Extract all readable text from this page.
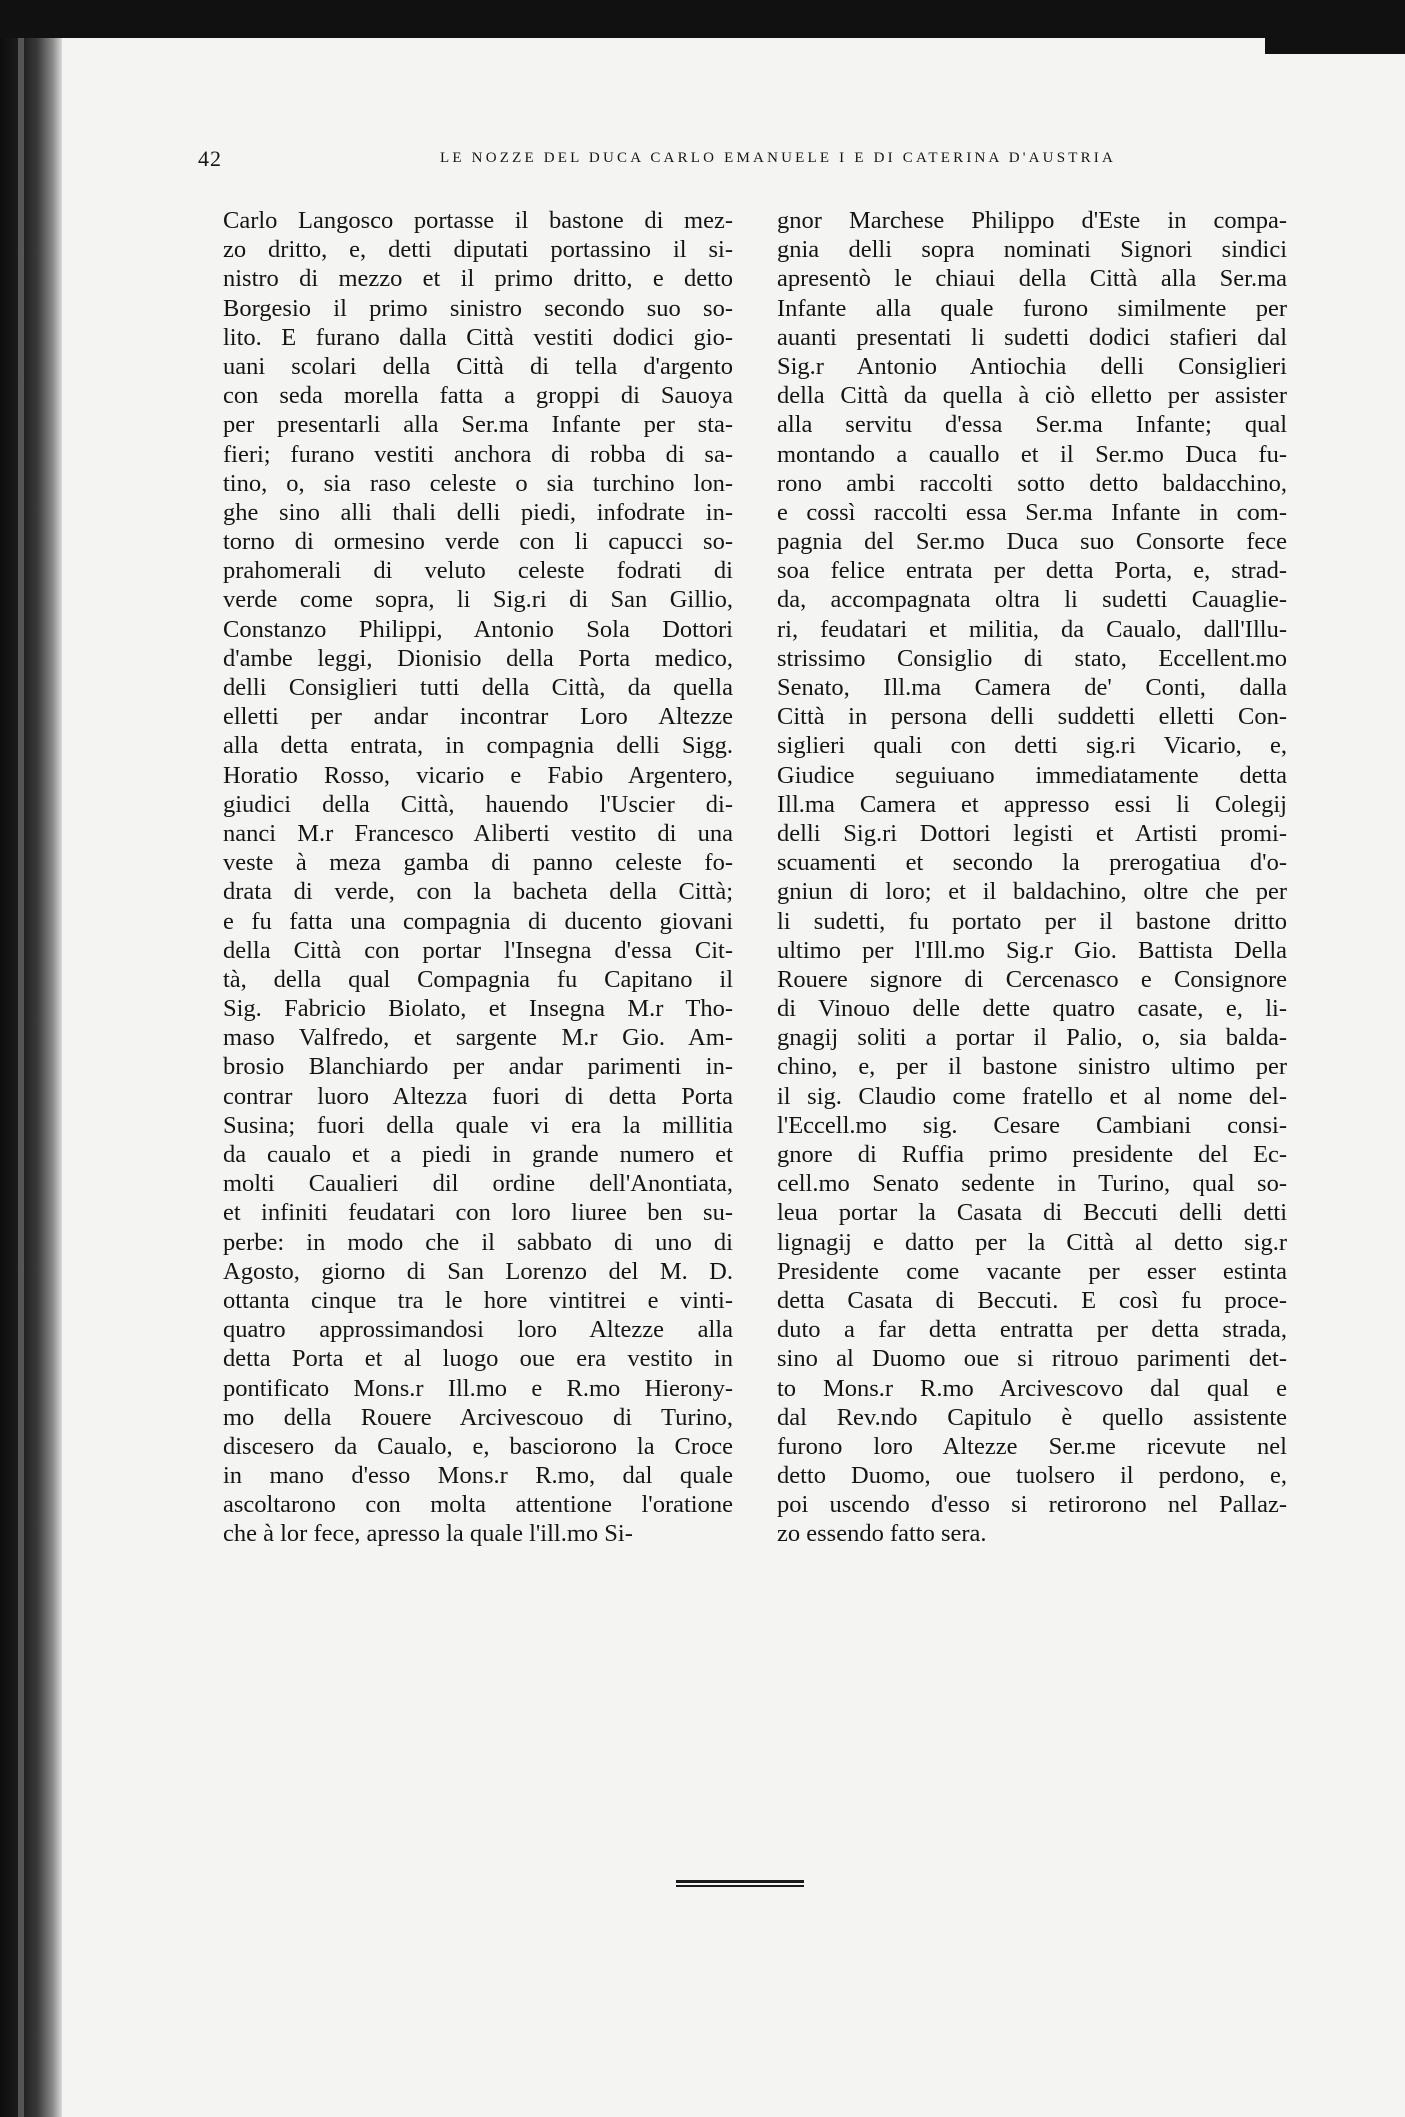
42	LE NOZZE DEL DUCA CARLO EMANUELE I E DI CATERINA D'AUSTRIA
Carlo Langosco portasse il bastone di mez-
zo dritto, e, detti diputati portassino il si-
nistro di mezzo et il primo dritto, e detto
Borgesio il primo sinistro secondo suo so-
lito. E furano dalla Città vestiti dodici gio-
uani scolari della Città di tella d'argento
con seda morella fatta a groppi di Sauoya
per presentarli alla Ser.ma Infante per sta-
fieri; furano vestiti anchora di robba di sa-
tino, o, sia raso celeste o sia turchino lon-
ghe sino alli thali delli piedi, infodrate in-
torno di ormesino verde con li capucci so-
prahomerali di veluto celeste fodrati di
verde come sopra, li Sig.ri di San Gillio,
Constanzo Philippi, Antonio Sola Dottori
d'ambe leggi, Dionisio della Porta medico,
delli Consiglieri tutti della Città, da quella
elletti per andar incontrar Loro Altezze
alla detta entrata, in compagnia delli Sigg.
Horatio Rosso, vicario e Fabio Argentero,
giudici della Città, hauendo l'Uscier di-
nanci M.r Francesco Aliberti vestito di una
veste à meza gamba di panno celeste fo-
drata di verde, con la bacheta della Città;
e fu fatta una compagnia di ducento giovani
della Città con portar l'Insegna d'essa Cit-
tà, della qual Compagnia fu Capitano il
Sig. Fabricio Biolato, et Insegna M.r Tho-
maso Valfredo, et sargente M.r Gio. Am-
brosio Blanchiardo per andar parimenti in-
contrar luoro Altezza fuori di detta Porta
Susina; fuori della quale vi era la millitia
da caualo et a piedi in grande numero et
molti Caualieri dil ordine dell'Anontiata,
et infiniti feudatari con loro liuree ben su-
perbe: in modo che il sabbato di uno di
Agosto, giorno di San Lorenzo del M. D.
ottanta cinque tra le hore vintitrei e vinti-
quatro approssimandosi loro Altezze alla
detta Porta et al luogo oue era vestito in
pontificato Mons.r Ill.mo e R.mo Hierony-
mo della Rouere Arcivescouo di Turino,
discesero da Caualo, e, basciorono la Croce
in mano d'esso Mons.r R.mo, dal quale
ascoltarono con molta attentione l'oratione
che à lor fece, apresso la quale l'ill.mo Si-
gnor Marchese Philippo d'Este in compa-
gnia delli sopra nominati Signori sindici
apresentò le chiaui della Città alla Ser.ma
Infante alla quale furono similmente per
auanti presentati li sudetti dodici stafieri dal
Sig.r Antonio Antiochia delli Consiglieri
della Città da quella à ciò elletto per assister
alla servitu d'essa Ser.ma Infante; qual
montando a cauallo et il Ser.mo Duca fu-
rono ambi raccolti sotto detto baldacchino,
e cossì raccolti essa Ser.ma Infante in com-
pagnia del Ser.mo Duca suo Consorte fece
soa felice entrata per detta Porta, e, strad-
da, accompagnata oltra li sudetti Cauaglie-
ri, feudatari et militia, da Caualo, dall'Illu-
strissimo Consiglio di stato, Eccellent.mo
Senato, Ill.ma Camera de' Conti, dalla
Città in persona delli suddetti elletti Con-
siglieri quali con detti sig.ri Vicario, e,
Giudice seguiuano immediatamente detta
Ill.ma Camera et appresso essi li Colegij
delli Sig.ri Dottori legisti et Artisti promi-
scuamenti et secondo la prerogatiua d'o-
gniun di loro; et il baldachino, oltre che per
li sudetti, fu portato per il bastone dritto
ultimo per l'Ill.mo Sig.r Gio. Battista Della
Rouere signore di Cercenasco e Consignore
di Vinouo delle dette quatro casate, e, li-
gnagij soliti a portar il Palio, o, sia balda-
chino, e, per il bastone sinistro ultimo per
il sig. Claudio come fratello et al nome del-
l'Eccell.mo sig. Cesare Cambiani consi-
gnore di Ruffia primo presidente del Ec-
cell.mo Senato sedente in Turino, qual so-
leua portar la Casata di Beccuti delli detti
lignagij e datto per la Città al detto sig.r
Presidente come vacante per esser estinta
detta Casata di Beccuti. E così fu proce-
duto a far detta entratta per detta strada,
sino al Duomo oue si ritrouo parimenti det-
to Mons.r R.mo Arcivescovo dal qual e
dal Rev.ndo Capitulo è quello assistente
furono loro Altezze Ser.me ricevute nel
detto Duomo, oue tuolsero il perdono, e,
poi uscendo d'esso si retirorono nel Pallaz-
zo essendo fatto sera.
